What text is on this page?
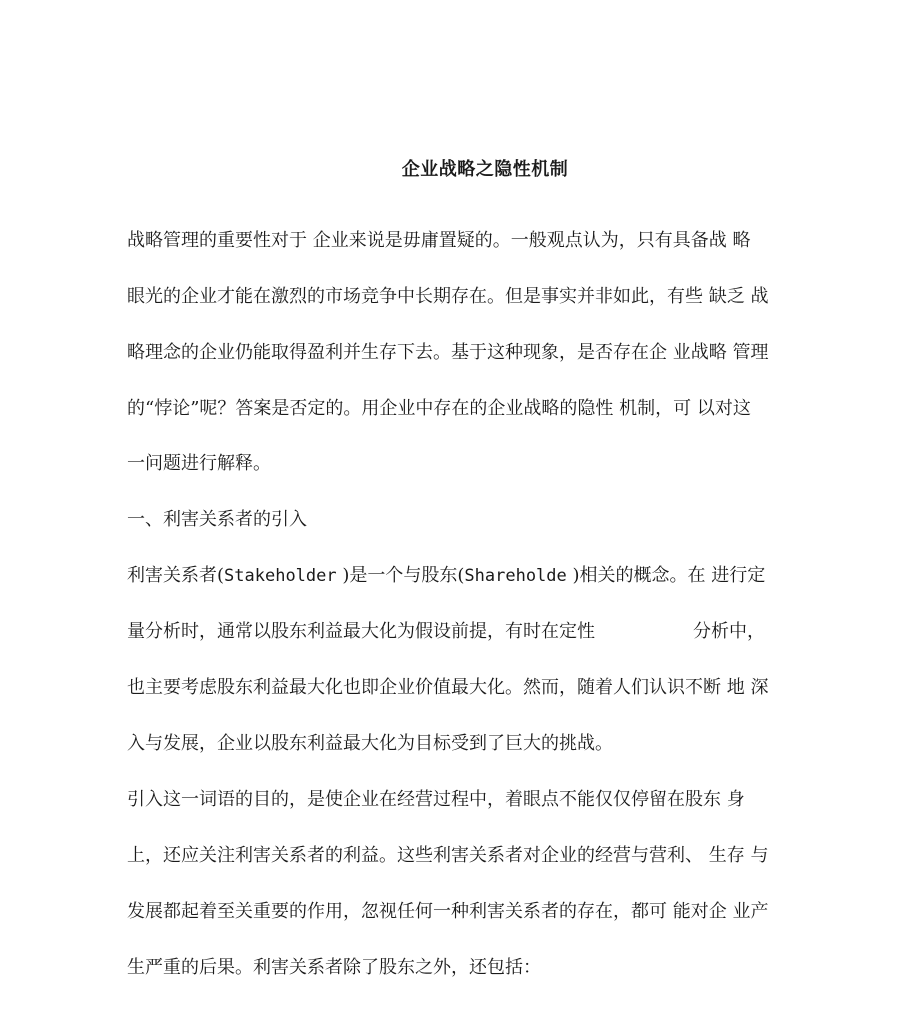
企业战略之隐性机制
战略管理的重要性对于 企业来说是毋庸置疑的。一般观点认为，只有具备战 略
眼光的企业才能在激烈的市场竞争中长期存在。但是事实并非如此，有些 缺乏 战
略理念的企业仍能取得盈利并生存下去。基于这种现象，是否存在企 业战略 管理
的“悖论”呢？答案是否定的。用企业中存在的企业战略的隐性 机制，可 以对这
一问题进行解释。
一、利害关系者的引入
利害关系者(Stakeholder )是一个与股东(Shareholde )相关的概念。在 进行定
量分析时，通常以股东利益最大化为假设前提，有时在定性	分析中，
也主要考虑股东利益最大化也即企业价值最大化。然而，随着人们认识不断 地 深
入与发展，企业以股东利益最大化为目标受到了巨大的挑战。
引入这一词语的目的，是使企业在经营过程中，着眼点不能仅仅停留在股东 身
上，还应关注利害关系者的利益。这些利害关系者对企业的经营与营利、 生存 与
发展都起着至关重要的作用，忽视任何一种利害关系者的存在，都可 能对企 业产
生严重的后果。利害关系者除了股东之外，还包括：
